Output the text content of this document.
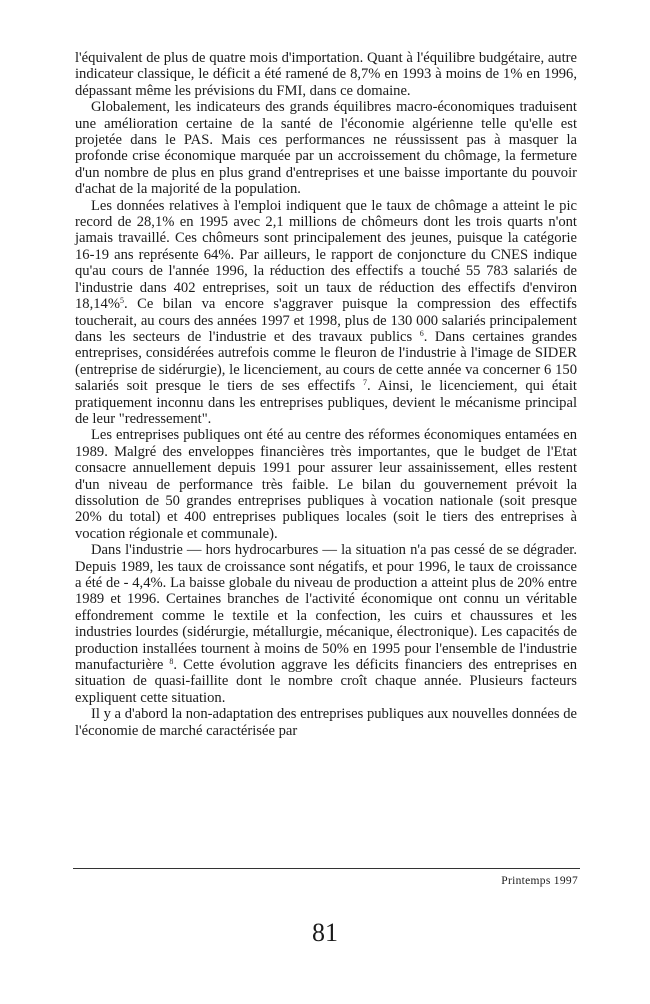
l'équivalent de plus de quatre mois d'importation. Quant à l'équilibre budgétaire, autre indicateur classique, le déficit a été ramené de 8,7% en 1993 à moins de 1% en 1996, dépassant même les prévisions du FMI, dans ce domaine.

Globalement, les indicateurs des grands équilibres macro-économiques traduisent une amélioration certaine de la santé de l'économie algérienne telle qu'elle est projetée dans le PAS. Mais ces performances ne réussissent pas à masquer la profonde crise économique marquée par un accroissement du chômage, la fermeture d'un nombre de plus en plus grand d'entreprises et une baisse importante du pouvoir d'achat de la majorité de la population.

Les données relatives à l'emploi indiquent que le taux de chômage a atteint le pic record de 28,1% en 1995 avec 2,1 millions de chômeurs dont les trois quarts n'ont jamais travaillé. Ces chômeurs sont principalement des jeunes, puisque la catégorie 16-19 ans représente 64%. Par ailleurs, le rapport de conjoncture du CNES indique qu'au cours de l'année 1996, la réduction des effectifs a touché 55 783 salariés de l'industrie dans 402 entreprises, soit un taux de réduction des effectifs d'environ 18,14%$^5$. Ce bilan va encore s'aggraver puisque la compression des effectifs toucherait, au cours des années 1997 et 1998, plus de 130 000 salariés principalement dans les secteurs de l'industrie et des travaux publics $^6$. Dans certaines grandes entreprises, considérées autrefois comme le fleuron de l'industrie à l'image de SIDER (entreprise de sidérurgie), le licenciement, au cours de cette année va concerner 6 150 salariés soit presque le tiers de ses effectifs $^7$. Ainsi, le licenciement, qui était pratiquement inconnu dans les entreprises publiques, devient le mécanisme principal de leur "redressement".

Les entreprises publiques ont été au centre des réformes économiques entamées en 1989. Malgré des enveloppes financières très importantes, que le budget de l'Etat consacre annuellement depuis 1991 pour assurer leur assainissement, elles restent d'un niveau de performance très faible. Le bilan du gouvernement prévoit la dissolution de 50 grandes entreprises publiques à vocation nationale (soit presque 20% du total) et 400 entreprises publiques locales (soit le tiers des entreprises à vocation régionale et communale).

Dans l'industrie — hors hydrocarbures — la situation n'a pas cessé de se dégrader. Depuis 1989, les taux de croissance sont négatifs, et pour 1996, le taux de croissance a été de - 4,4%. La baisse globale du niveau de production a atteint plus de 20% entre 1989 et 1996. Certaines branches de l'activité économique ont connu un véritable effondrement comme le textile et la confection, les cuirs et chaussures et les industries lourdes (sidérurgie, métallurgie, mécanique, électronique). Les capacités de production installées tournent à moins de 50% en 1995 pour l'ensemble de l'industrie manufacturière $^8$. Cette évolution aggrave les déficits financiers des entreprises en situation de quasi-faillite dont le nombre croît chaque année. Plusieurs facteurs expliquent cette situation.

Il y a d'abord la non-adaptation des entreprises publiques aux nouvelles données de l'économie de marché caractérisée par

Printemps 1997
81
